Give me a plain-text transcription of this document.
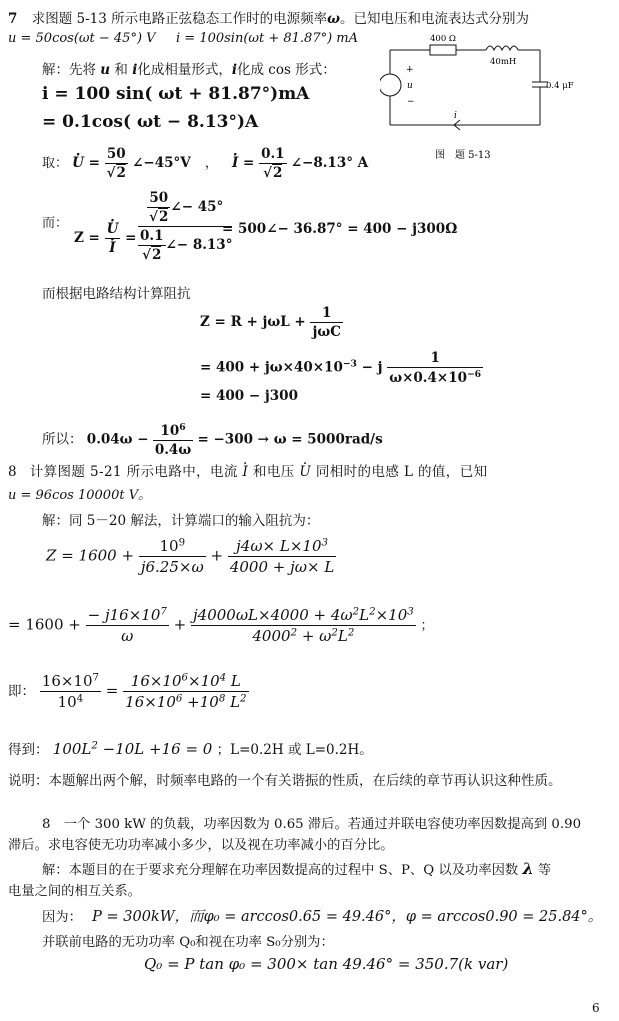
7 求图题 5-13 所示电路正弦稳态工作时的电源频率ω。已知电压和电流表达式分别为
u = 50cos(ωt − 45°) V i = 100sin(ωt + 81.87°) mA
解：先将 u 和 i化成相量形式，i化成 cos 形式：
i = 100 sin( ωt + 81.87°)mA
= 0.1cos( ωt − 8.13°)A
取： · $U = \frac{50}{√2}$ ∠−45°V ， · $I = \frac{0.1}{√2}$ ∠−8.13° A
而：
Z = · U
· I =
$\frac{50}{√2}$ ∠− 45°
$\frac{0.1}{√2}$ ∠− 8.13°
= 500∠− 36.87° = 400 − j300Ω
而根据电路结构计算阻抗
$Z = R + j\omega L + \frac{1}{\text{jωC}}$
= $400 + j\omega\times 40\times 10^{-3} - j \frac{1}{\omega\times 0.4\times 10^{-6}}$
= 400 − j300
所以： $0.04\omega - \frac{10^6}{0.4\omega} = -300 \to \omega = 5000rad/s$
400 Ω
40mH
0.4 μF
+
u
−
i
图　题 5-13
8 计算图题 5-21 所示电路中，电流 · I 和电压 · U 同相时的电感 L 的值，已知
u = 96cos 10000t V。
解：同 5－20 解法，计算端口的输入阻抗为：
$Z = 1600 + \frac{10^9}{j6.25\times\omega} + \frac{j4\omega\times L\times 10^3}{4000 + j\omega\times L}$
= $1600 + \frac{- j16\times 10^7}{\omega} + \frac{j4000\omega L\times 4000 + 4\omega^2L^2\times 10^3}{4000^2 + \omega^2L^2}$ ；
即： $\frac{16\times 10^7}{10^4} = \frac{16\times 10^6\times 10^4 L}{16\times 10^6 +10^8 L^2}$
得到： $100L^2 -10L +16 = 0$ ；L=0.2H 或 L=0.2H。
说明：本题解出两个解，时频率电路的一个有关谐振的性质，在后续的章节再认识这种性质。
8　一个 300 kW 的负载，功率因数为 0.65 滞后。若通过并联电容使功率因数提高到 0.90
滞后。求电容使无功功率减小多少，以及视在功率减小的百分比。
解：本题目的在于要求充分理解在功率因数提高的过程中 S、P、Q 以及功率因数 λ 等
电量之间的相互关系。
因为： P = 300kW，而φ₀ = arccos0.65 = 49.46°，φ = arccos0.90 = 25.84°。
并联前电路的无功功率 Q₀和视在功率 S₀分别为：
Q₀ = P tan φ₀ = 300× tan 49.46° = 350.7(k var)
6
